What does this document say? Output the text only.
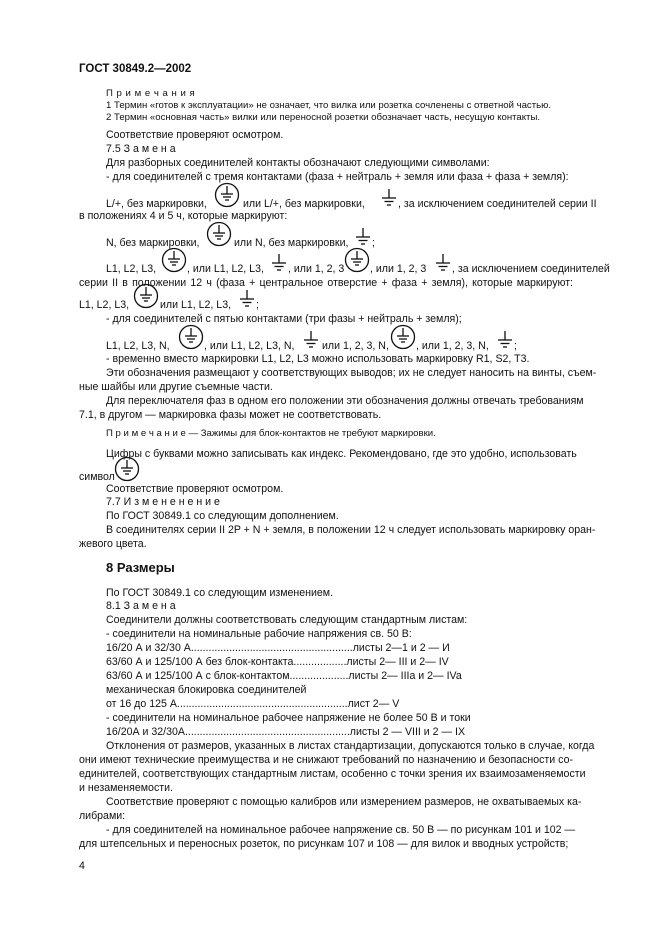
ГОСТ 30849.2—2002
П р и м е ч а н и я
1 Термин «готов к эксплуатации» не означает, что вилка или розетка сочленены с ответной частью.
2 Термин «основная часть» вилки или переносной розетки обозначает часть, несущую контакты.
Соответствие проверяют осмотром.
7.5 З а м е н а
Для разборных соединителей контакты обозначают следующими символами:
- для соединителей с тремя контактами (фаза + нейтраль + земля или фаза + фаза + земля):
L/+, без маркировки,	или L/+, без маркировки,	, за исключением соединителей серии II
в положениях 4 и 5 ч, которые маркируют:
N, без маркировки,	или N, без маркировки, ;
L1, L2, L3,	, или L1, L2, L3, , или 1, 2, 3 , или 1, 2, 3 , за исключением соединителей
серии II в положении 12 ч (фаза + центральное отверстие + фаза + земля), которые маркируют:
L1, L2, L3,	или L1, L2, L3, ;
- для соединителей с пятью контактами (три фазы + нейтраль + земля);
L1, L2, L3, N,	, или L1, L2, L3, N,	или 1, 2, 3, N,	, или 1, 2, 3, N, ;
- временно вместо маркировки L1, L2, L3 можно использовать маркировку R1, S2, T3.
Эти обозначения размещают у соответствующих выводов; их не следует наносить на винты, съем-
ные шайбы или другие съемные части.
Для переключателя фаз в одном его положении эти обозначения должны отвечать требованиям
7.1, в другом — маркировка фазы может не соответствовать.
П р и м е ч а н и е — Зажимы для блок-контактов не требуют маркировки.
Цифры с буквами можно записывать как индекс. Рекомендовано, где это удобно, использовать
символ
Соответствие проверяют осмотром.
7.7 И з м е н е н е н и е
По ГОСТ 30849.1 со следующим дополнением.
В соединителях серии II 2P + N + земля, в положении 12 ч следует использовать маркировку оран-
жевого цвета.
8 Размеры
По ГОСТ 30849.1 со следующим изменением.
8.1 З а м е н а
Соединители должны соответствовать следующим стандартным листам:
- соединители на номинальные рабочие напряжения св. 50 В:
16/20 А и 32/30 А.......................................................листы 2—1 и 2 — И
63/60 А и 125/100 А без блок-контакта..................листы 2— III и 2— IV
63/60 А и 125/100 А с блок-контактом....................листы 2— IIIa и 2— IVa
механическая блокировка соединителей
от 16 до 125 А..........................................................лист 2— V
- соединители на номинальное рабочее напряжение не более 50 В и токи
16/20А и 32/30А........................................................листы 2 — VIII и 2 — IX
Отклонения от размеров, указанных в листах стандартизации, допускаются только в случае, когда
они имеют технические преимущества и не снижают требований по назначению и безопасности со-
единителей, соответствующих стандартным листам, особенно с точки зрения их взаимозаменяемости
и незаменяемости.
Соответствие проверяют с помощью калибров или измерением размеров, не охватываемых ка-
либрами:
- для соединителей на номинальное рабочее напряжение св. 50 В — по рисункам 101 и 102 —
для штепсельных и переносных розеток, по рисункам 107 и 108 — для вилок и вводных устройств;
4
